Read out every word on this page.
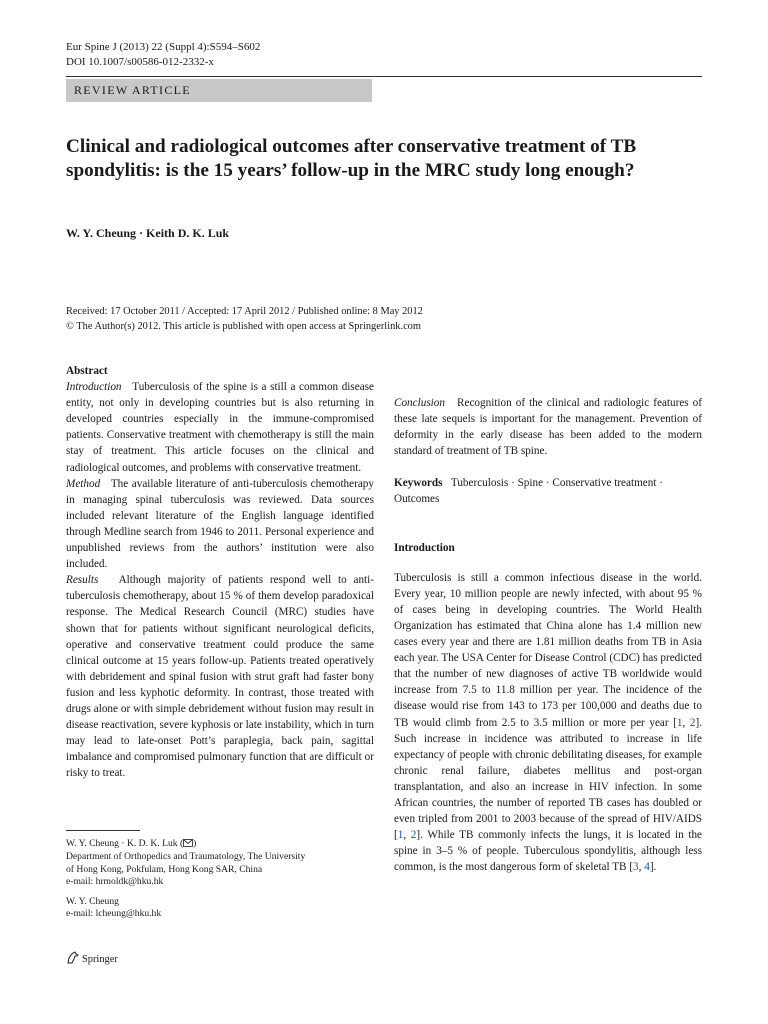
Eur Spine J (2013) 22 (Suppl 4):S594–S602
DOI 10.1007/s00586-012-2332-x
REVIEW ARTICLE
Clinical and radiological outcomes after conservative treatment of TB spondylitis: is the 15 years’ follow-up in the MRC study long enough?
W. Y. Cheung · Keith D. K. Luk
Received: 17 October 2011 / Accepted: 17 April 2012 / Published online: 8 May 2012
© The Author(s) 2012. This article is published with open access at Springerlink.com

Abstract

Introduction Tuberculosis of the spine is a still a common disease entity, not only in developing countries but is also returning in developed countries especially in the immune-compromised patients. Conservative treatment with chemotherapy is still the main stay of treatment. This article focuses on the clinical and radiological outcomes, and problems with conservative treatment.

Method The available literature of anti-tuberculosis chemotherapy in managing spinal tuberculosis was reviewed. Data sources included relevant literature of the English language identified through Medline search from 1946 to 2011. Personal experience and unpublished reviews from the authors’ institution were also included.

Results Although majority of patients respond well to anti-tuberculosis chemotherapy, about 15 % of them develop paradoxical response. The Medical Research Council (MRC) studies have shown that for patients without significant neurological deficits, operative and conservative treatment could produce the same clinical outcome at 15 years follow-up. Patients treated operatively with debridement and spinal fusion with strut graft had faster bony fusion and less kyphotic deformity. In contrast, those treated with drugs alone or with simple debridement without fusion may result in disease reactivation, severe kyphosis or late instability, which in turn may lead to late-onset Pott’s paraplegia, back pain, sagittal imbalance and compromised pulmonary function that are difficult or risky to treat.

Conclusion Recognition of the clinical and radiologic features of these late sequels is important for the management. Prevention of deformity in the early disease has been added to the modern standard of treatment of TB spine.

Keywords Tuberculosis · Spine · Conservative treatment · Outcomes

Introduction

Tuberculosis is still a common infectious disease in the world. Every year, 10 million people are newly infected, with about 95 % of cases being in developing countries. The World Health Organization has estimated that China alone has 1.4 million new cases every year and there are 1.81 million deaths from TB in Asia each year. The USA Center for Disease Control (CDC) has predicted that the number of new diagnoses of active TB worldwide would increase from 7.5 to 11.8 million per year. The incidence of the disease would rise from 143 to 173 per 100,000 and deaths due to TB would climb from 2.5 to 3.5 million or more per year [1, 2]. Such increase in incidence was attributed to increase in life expectancy of people with chronic debilitating diseases, for example chronic renal failure, diabetes mellitus and post-organ transplantation, and also an increase in HIV infection. In some African countries, the number of reported TB cases has doubled or even tripled from 2001 to 2003 because of the spread of HIV/AIDS [1, 2]. While TB commonly infects the lungs, it is located in the spine in 3–5 % of people. Tuberculous spondylitis, although less common, is the most dangerous form of skeletal TB [3, 4].

W. Y. Cheung · K. D. K. Luk ( )
Department of Orthopedics and Traumatology, The University
of Hong Kong, Pokfulam, Hong Kong SAR, China
e-mail: hrmoldk@hku.hk
W. Y. Cheung
e-mail: lcheung@hku.hk
Springer
